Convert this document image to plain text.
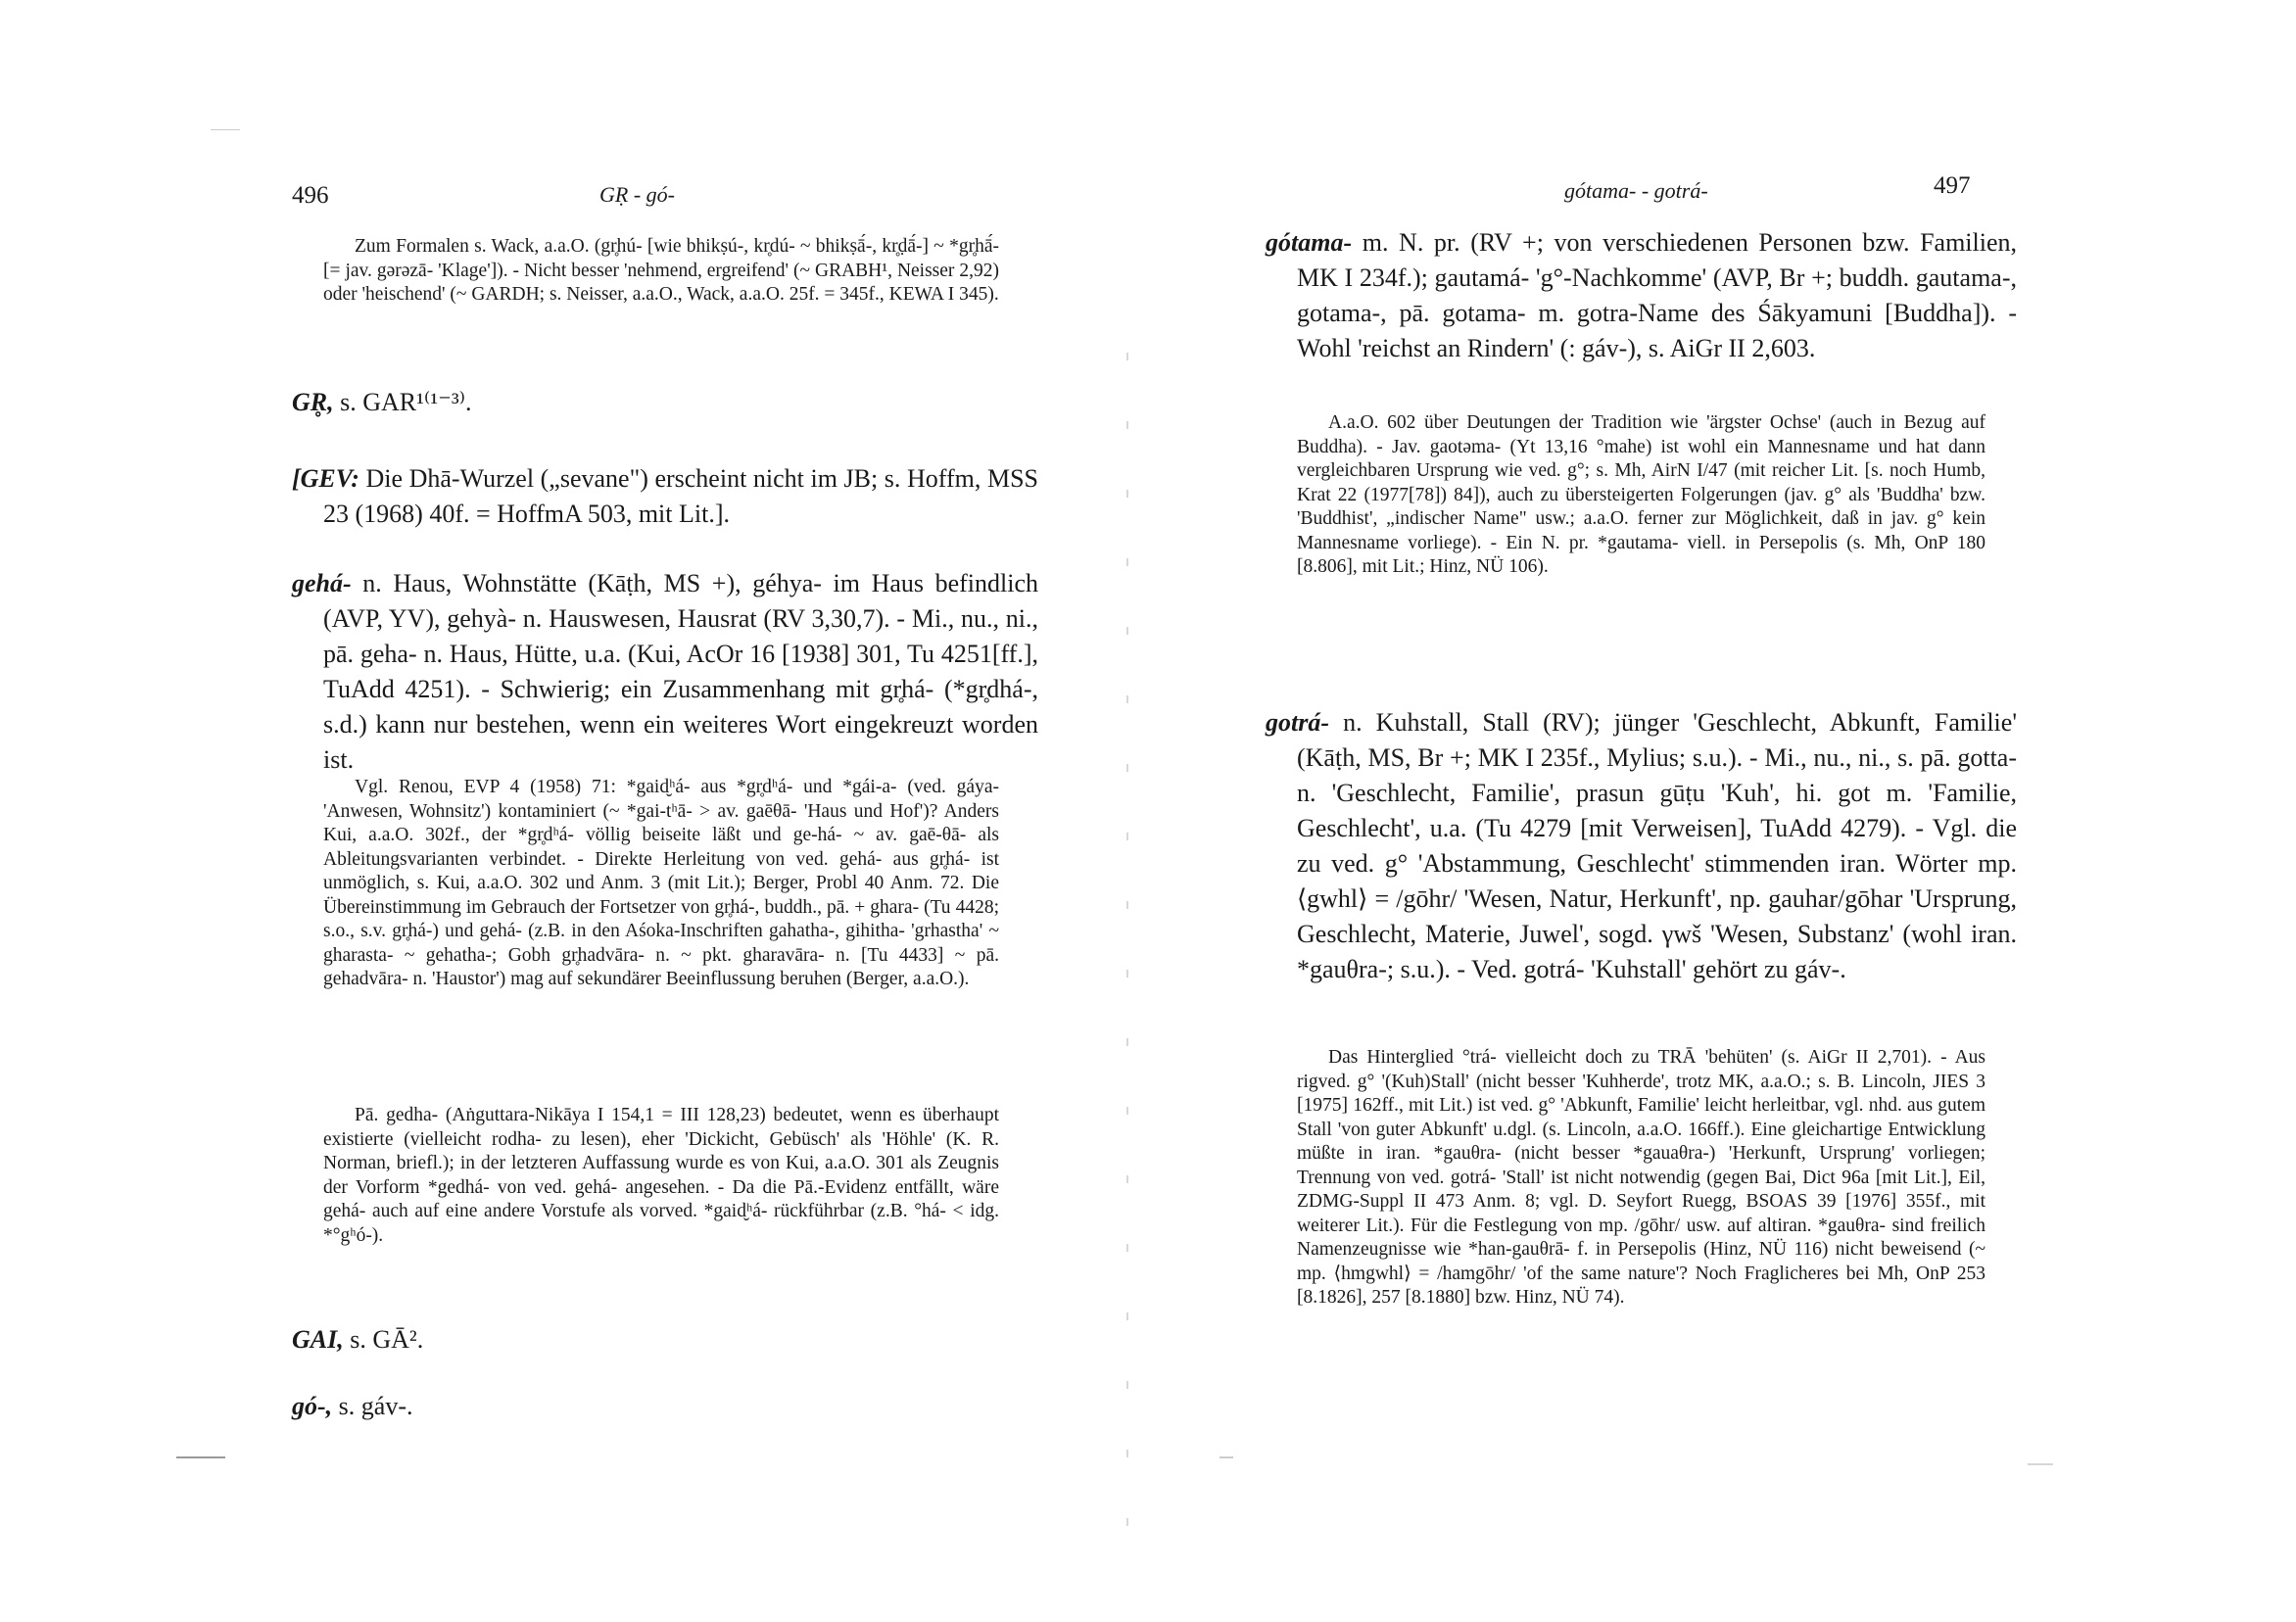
496	GṚ - gó-

Zum Formalen s. Wack, a.a.O. (gr̥hú- [wie bhikṣú-, kr̥dú- ~ bhikṣā́-, kr̥ḍā́-] ~ *gr̥hā́- [= jav. gərəzā- 'Klage']). - Nicht besser 'nehmend, ergreifend' (~ GRABH¹, Neisser 2,92) oder 'heischend' (~ GARDH; s. Neisser, a.a.O., Wack, a.a.O. 25f. = 345f., KEWA I 345).

GR̥, s. GAR¹⁽¹⁻³⁾.
[GEV: Die Dhā-Wurzel („sevane") erscheint nicht im JB; s. Hoffm, MSS 23 (1968) 40f. = HoffmA 503, mit Lit.].
gehá- n. Haus, Wohnstätte (Kāṭh, MS +), géhya- im Haus befindlich (AVP, YV), gehyà- n. Hauswesen, Hausrat (RV 3,30,7). - Mi., nu., ni., pā. geha- n. Haus, Hütte, u.a. (Kui, AcOr 16 [1938] 301, Tu 4251[ff.], TuAdd 4251). - Schwierig; ein Zusammenhang mit gr̥há- (*gr̥dhá-, s.d.) kann nur bestehen, wenn ein weiteres Wort eingekreuzt worden ist.

Vgl. Renou, EVP 4 (1958) 71: *gaid̮ʰá- aus *gr̥dʰá- und *gái-a- (ved. gáya- 'Anwesen, Wohnsitz') kontaminiert (~ *gai-tʰā- > av. gaēθā- 'Haus und Hof')? Anders Kui, a.a.O. 302f., der *gr̥dʰá- völlig beiseite läßt und ge-há- ~ av. gaē-θā- als Ableitungsvarianten verbindet. - Direkte Herleitung von ved. gehá- aus gr̥há- ist unmöglich, s. Kui, a.a.O. 302 und Anm. 3 (mit Lit.); Berger, Probl 40 Anm. 72. Die Übereinstimmung im Gebrauch der Fortsetzer von gr̥há-, buddh., pā. + ghara- (Tu 4428; s.o., s.v. gr̥há-) und gehá- (z.B. in den Aśoka-Inschriften gahatha-, gihitha- 'grhastha' ~ gharasta- ~ gehatha-; Gobh gr̥hadvāra- n. ~ pkt. gharavāra- n. [Tu 4433] ~ pā. gehadvāra- n. 'Haustor') mag auf sekundärer Beeinflussung beruhen (Berger, a.a.O.).

Pā. gedha- (Aṅguttara-Nikāya I 154,1 = III 128,23) bedeutet, wenn es überhaupt existierte (vielleicht rodha- zu lesen), eher 'Dickicht, Gebüsch' als 'Höhle' (K. R. Norman, briefl.); in der letzteren Auffassung wurde es von Kui, a.a.O. 301 als Zeugnis der Vorform *gedhá- von ved. gehá- angesehen. - Da die Pā.-Evidenz entfällt, wäre gehá- auch auf eine andere Vorstufe als vorved. *gaid̮ʰá- rückführbar (z.B. °há- < idg. *°gʰó-).

GAI, s. GĀ².
gó-, s. gáv-.
gótama- - gotrá-	497
gótama- m. N. pr. (RV +; von verschiedenen Personen bzw. Familien, MK I 234f.); gautamá- 'g°-Nachkomme' (AVP, Br +; buddh. gautama-, gotama-, pā. gotama- m. gotra-Name des Śākyamuni [Buddha]). - Wohl 'reichst an Rindern' (: gáv-), s. AiGr II 2,603.

A.a.O. 602 über Deutungen der Tradition wie 'ärgster Ochse' (auch in Bezug auf Buddha). - Jav. gaotəma- (Yt 13,16 °mahe) ist wohl ein Mannesname und hat dann vergleichbaren Ursprung wie ved. g°; s. Mh, AirN I/47 (mit reicher Lit. [s. noch Humb, Krat 22 (1977[78]) 84]), auch zu übersteigerten Folgerungen (jav. g° als 'Buddha' bzw. 'Buddhist', „indischer Name" usw.; a.a.O. ferner zur Möglichkeit, daß in jav. g° kein Mannesname vorliege). - Ein N. pr. *gautama- viell. in Persepolis (s. Mh, OnP 180 [8.806], mit Lit.; Hinz, NÜ 106).

gotrá- n. Kuhstall, Stall (RV); jünger 'Geschlecht, Abkunft, Familie' (Kāṭh, MS, Br +; MK I 235f., Mylius; s.u.). - Mi., nu., ni., s. pā. gotta- n. 'Geschlecht, Familie', prasun gūṭu 'Kuh', hi. got m. 'Familie, Geschlecht', u.a. (Tu 4279 [mit Verweisen], TuAdd 4279). - Vgl. die zu ved. g° 'Abstammung, Geschlecht' stimmenden iran. Wörter mp. ⟨gwhl⟩ = /gōhr/ 'Wesen, Natur, Herkunft', np. gauhar/gōhar 'Ursprung, Geschlecht, Materie, Juwel', sogd. γwš 'Wesen, Substanz' (wohl iran. *gauθra-; s.u.). - Ved. gotrá- 'Kuhstall' gehört zu gáv-.

Das Hinterglied °trá- vielleicht doch zu TRĀ 'behüten' (s. AiGr II 2,701). - Aus rigved. g° '(Kuh)Stall' (nicht besser 'Kuhherde', trotz MK, a.a.O.; s. B. Lincoln, JIES 3 [1975] 162ff., mit Lit.) ist ved. g° 'Abkunft, Familie' leicht herleitbar, vgl. nhd. aus gutem Stall 'von guter Abkunft' u.dgl. (s. Lincoln, a.a.O. 166ff.). Eine gleichartige Entwicklung müßte in iran. *gauθra- (nicht besser *gauaθra-) 'Herkunft, Ursprung' vorliegen; Trennung von ved. gotrá- 'Stall' ist nicht notwendig (gegen Bai, Dict 96a [mit Lit.], Eil, ZDMG-Suppl II 473 Anm. 8; vgl. D. Seyfort Ruegg, BSOAS 39 [1976] 355f., mit weiterer Lit.). Für die Festlegung von mp. /gōhr/ usw. auf altiran. *gauθra- sind freilich Namenzeugnisse wie *han-gauθrā- f. in Persepolis (Hinz, NÜ 116) nicht beweisend (~ mp. ⟨hmgwhl⟩ = /hamgōhr/ 'of the same nature'? Noch Fraglicheres bei Mh, OnP 253 [8.1826], 257 [8.1880] bzw. Hinz, NÜ 74).
